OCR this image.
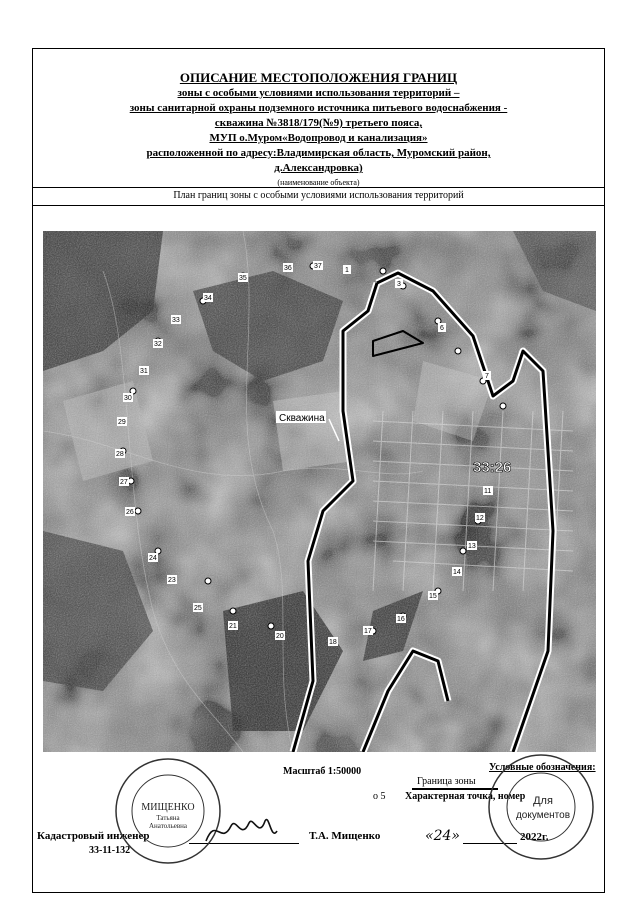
ОПИСАНИЕ МЕСТОПОЛОЖЕНИЯ ГРАНИЦ
зоны с особыми условиями использования территорий –
зоны санитарной охраны подземного источника питьевого водоснабжения -
скважина №3818/179(№9) третьего пояса,
МУП о.Муром«Водопровод и канализация»
расположенной по адресу:Владимирская область, Муромский район,
д.Александровка)
(наименование объекта)
План границ зоны с особыми условиями использования территорий
Скважина
33:26
1
3
6
7
11
12
13
14
15
16
17
18
20
21
25
23
24
26
27
28
29
30
31
32
33
34
35
36	37
Масштаб 1:50000
о 5
Условные обозначения:
Граница зоны
Характерная точка, номер
Кадастровый инженер
33-11-132
Т.А. Мищенко	«24»	2022г.
МИЩЕНКО
Татьяна
Анатольевна
Для
документов
